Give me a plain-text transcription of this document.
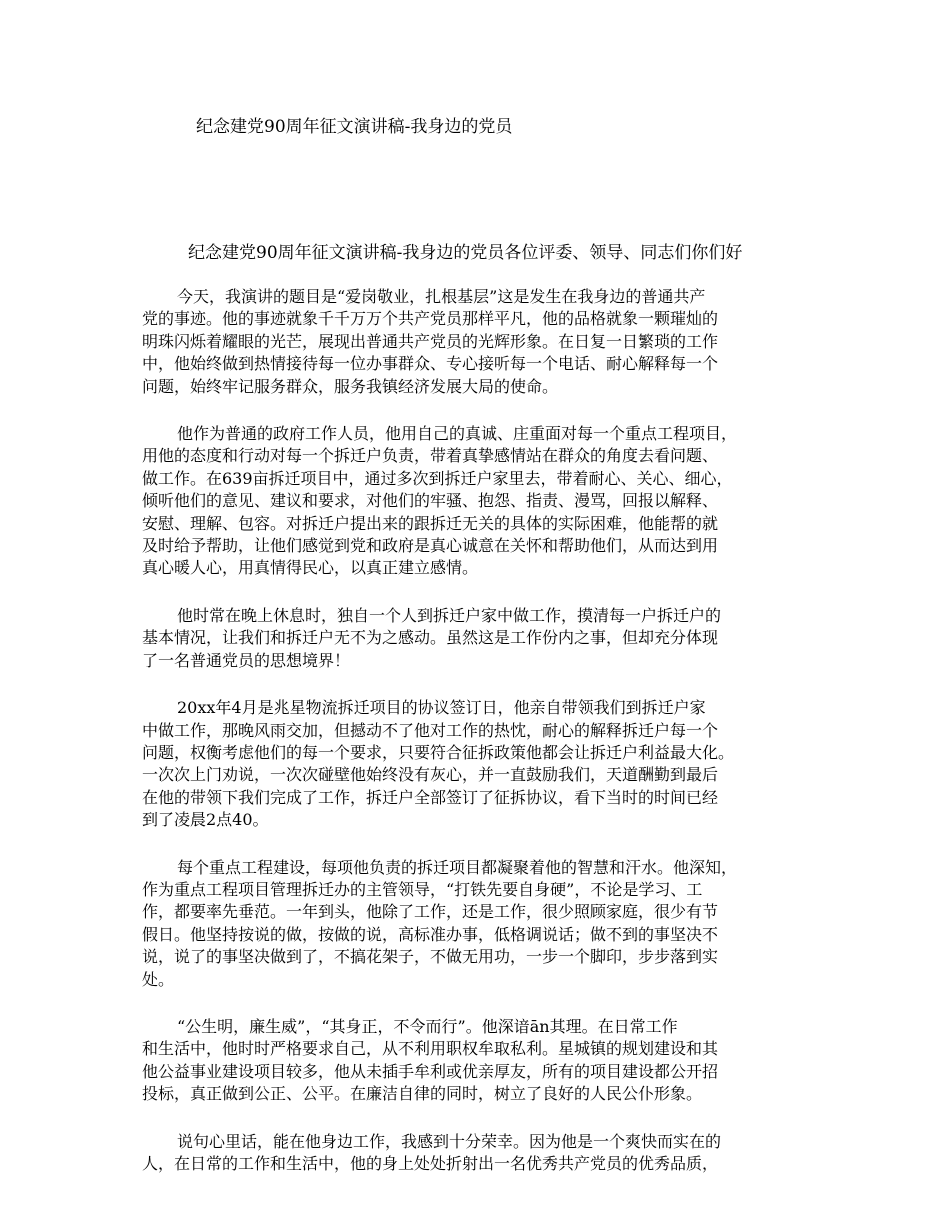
纪念建党90周年征文演讲稿-我身边的党员
纪念建党90周年征文演讲稿-我身边的党员各位评委、领导、同志们你们好
今天，我演讲的题目是“爱岗敬业，扎根基层”这是发生在我身边的普通共产
党的事迹。他的事迹就象千千万万个共产党员那样平凡，他的品格就象一颗璀灿的
明珠闪烁着耀眼的光芒，展现出普通共产党员的光辉形象。在日复一日繁琐的工作
中，他始终做到热情接待每一位办事群众、专心接听每一个电话、耐心解释每一个
问题，始终牢记服务群众，服务我镇经济发展大局的使命。
他作为普通的政府工作人员，他用自己的真诚、庄重面对每一个重点工程项目，
用他的态度和行动对每一个拆迁户负责，带着真挚感情站在群众的角度去看问题、
做工作。在639亩拆迁项目中，通过多次到拆迁户家里去，带着耐心、关心、细心，
倾听他们的意见、建议和要求，对他们的牢骚、抱怨、指责、漫骂，回报以解释、
安慰、理解、包容。对拆迁户提出来的跟拆迁无关的具体的实际困难，他能帮的就
及时给予帮助，让他们感觉到党和政府是真心诚意在关怀和帮助他们，从而达到用
真心暖人心，用真情得民心，以真正建立感情。
他时常在晚上休息时，独自一个人到拆迁户家中做工作，摸清每一户拆迁户的
基本情况，让我们和拆迁户无不为之感动。虽然这是工作份内之事，但却充分体现
了一名普通党员的思想境界！
20xx年4月是兆星物流拆迁项目的协议签订日，他亲自带领我们到拆迁户家
中做工作，那晚风雨交加，但撼动不了他对工作的热忱，耐心的解释拆迁户每一个
问题，权衡考虑他们的每一个要求，只要符合征拆政策他都会让拆迁户利益最大化。
一次次上门劝说，一次次碰壁他始终没有灰心，并一直鼓励我们，天道酬勤到最后
在他的带领下我们完成了工作，拆迁户全部签订了征拆协议，看下当时的时间已经
到了凌晨2点40。
每个重点工程建设，每项他负责的拆迁项目都凝聚着他的智慧和汗水。他深知，
作为重点工程项目管理拆迁办的主管领导，“打铁先要自身硬”，不论是学习、工
作，都要率先垂范。一年到头，他除了工作，还是工作，很少照顾家庭，很少有节
假日。他坚持按说的做，按做的说，高标准办事，低格调说话；做不到的事坚决不
说，说了的事坚决做到了，不搞花架子，不做无用功，一步一个脚印，步步落到实
处。
“公生明，廉生威”，“其身正，不令而行”。他深谙ān其理。在日常工作
和生活中，他时时严格要求自己，从不利用职权牟取私利。星城镇的规划建设和其
他公益事业建设项目较多，他从未插手牟利或优亲厚友，所有的项目建设都公开招
投标，真正做到公正、公平。在廉洁自律的同时，树立了良好的人民公仆形象。
说句心里话，能在他身边工作，我感到十分荣幸。因为他是一个爽快而实在的
人，在日常的工作和生活中，他的身上处处折射出一名优秀共产党员的优秀品质，
